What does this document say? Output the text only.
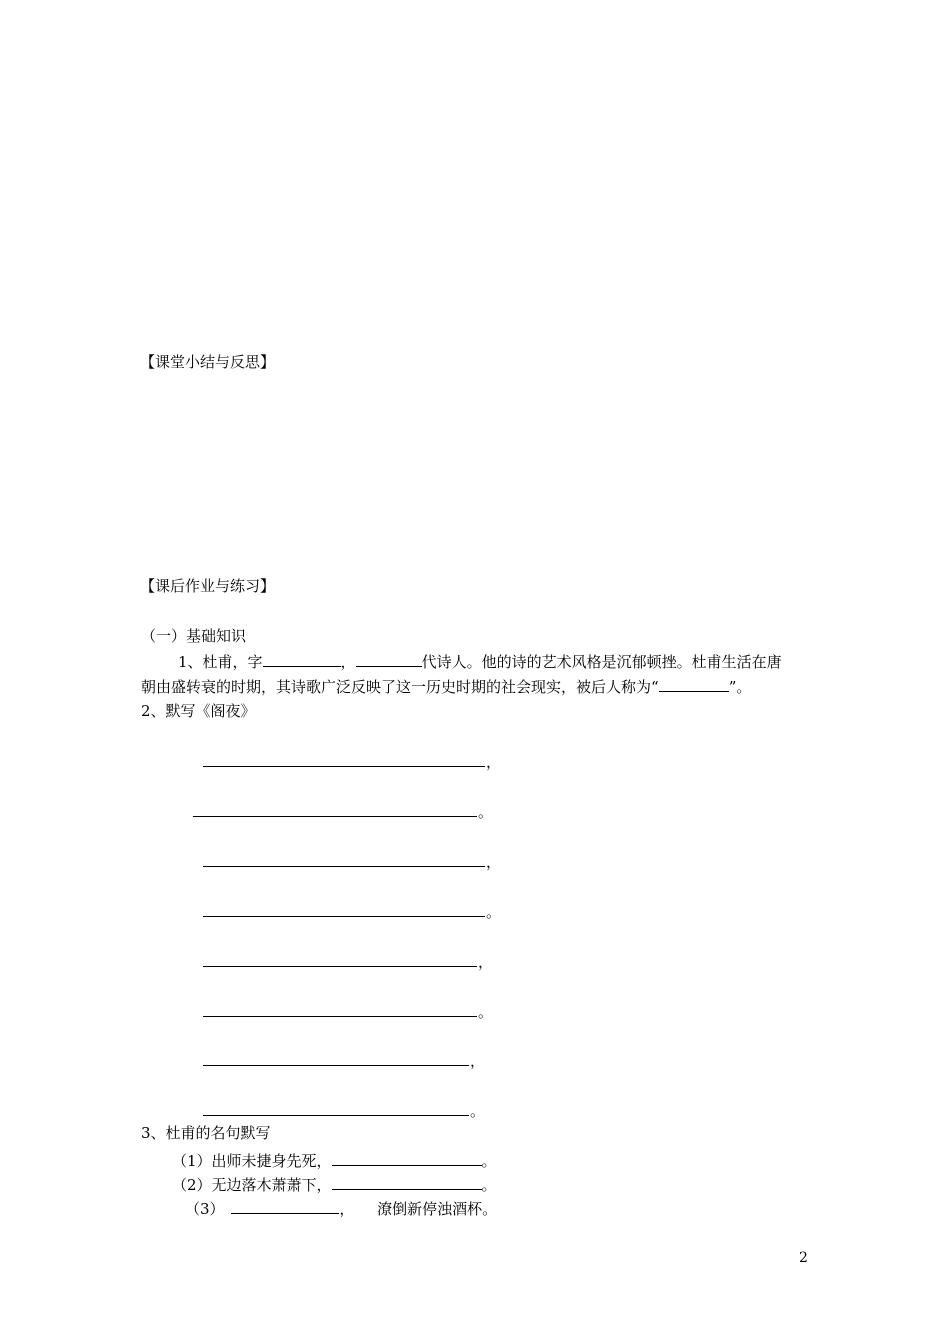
【课堂小结与反思】
【课后作业与练习】
（一）基础知识
1、杜甫，字	，	代诗人。他的诗的艺术风格是沉郁顿挫。杜甫生活在唐
朝由盛转衰的时期，其诗歌广泛反映了这一历史时期的社会现实，被后人称为“	”。
2、默写《阁夜》
，
。
，
。
，
。
，
。
3、杜甫的名句默写
（1）出师未捷身先死，	。
（2）无边落木萧萧下，	。
（3）	， 潦倒新停浊酒杯。
2
